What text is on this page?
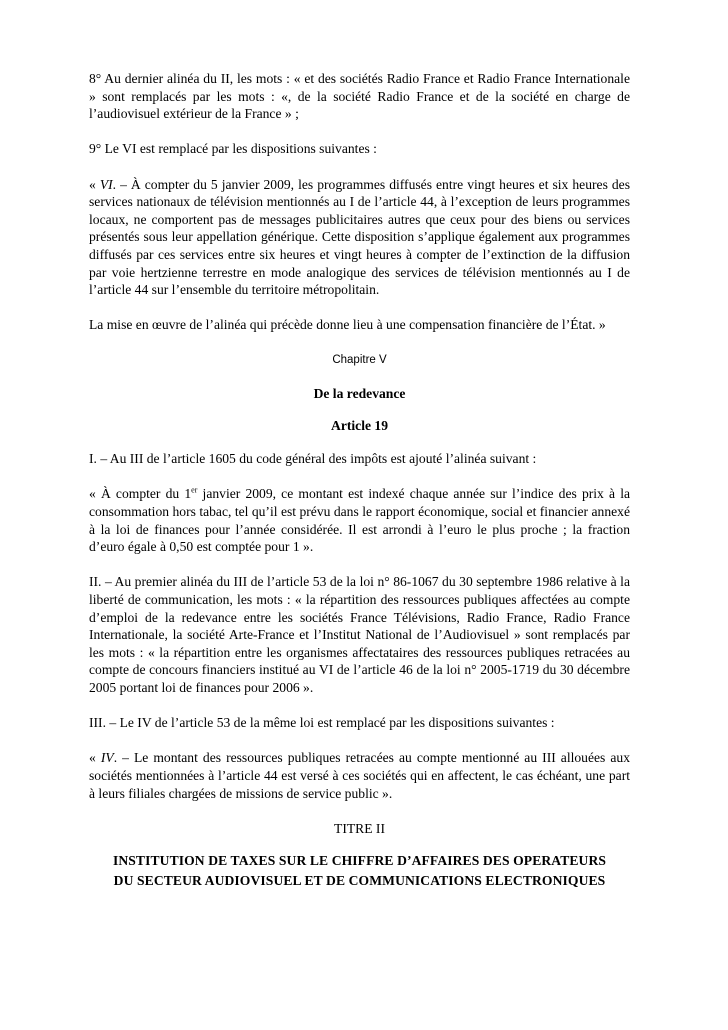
8° Au dernier alinéa du II, les mots : « et des sociétés Radio France et Radio France Internationale » sont remplacés par les mots : «, de la société Radio France et de la société en charge de l’audiovisuel extérieur de la France » ;

9° Le VI est remplacé par les dispositions suivantes :

« VI. – À compter du 5 janvier 2009, les programmes diffusés entre vingt heures et six heures des services nationaux de télévision mentionnés au I de l’article 44, à l’exception de leurs programmes locaux, ne comportent pas de messages publicitaires autres que ceux pour des biens ou services présentés sous leur appellation générique. Cette disposition s’applique également aux programmes diffusés par ces services entre six heures et vingt heures à compter de l’extinction de la diffusion par voie hertzienne terrestre en mode analogique des services de télévision mentionnés au I de l’article 44 sur l’ensemble du territoire métropolitain.

La mise en œuvre de l’alinéa qui précède donne lieu à une compensation financière de l’État. »

Chapitre V

De la redevance

Article 19

I. – Au III de l’article 1605 du code général des impôts est ajouté l’alinéa suivant :

« À compter du 1er janvier 2009, ce montant est indexé chaque année sur l’indice des prix à la consommation hors tabac, tel qu’il est prévu dans le rapport économique, social et financier annexé à la loi de finances pour l’année considérée. Il est arrondi à l’euro le plus proche ; la fraction d’euro égale à 0,50 est comptée pour 1 ».

II. – Au premier alinéa du III de l’article 53 de la loi n° 86-1067 du 30 septembre 1986 relative à la liberté de communication, les mots : « la répartition des ressources publiques affectées au compte d’emploi de la redevance entre les sociétés France Télévisions, Radio France, Radio France Internationale, la société Arte-France et l’Institut National de l’Audiovisuel » sont remplacés par les mots : « la répartition entre les organismes affectataires des ressources publiques retracées au compte de concours financiers institué au VI de l’article 46 de la loi n° 2005-1719 du 30 décembre 2005 portant loi de finances pour 2006 ».

III. – Le IV de l’article 53 de la même loi est remplacé par les dispositions suivantes :

« IV. – Le montant des ressources publiques retracées au compte mentionné au III allouées aux sociétés mentionnées à l’article 44 est versé à ces sociétés qui en affectent, le cas échéant, une part à leurs filiales chargées de missions de service public ».

TITRE II

INSTITUTION DE TAXES SUR LE CHIFFRE D’AFFAIRES DES OPERATEURS
DU SECTEUR AUDIOVISUEL ET DE COMMUNICATIONS ELECTRONIQUES
